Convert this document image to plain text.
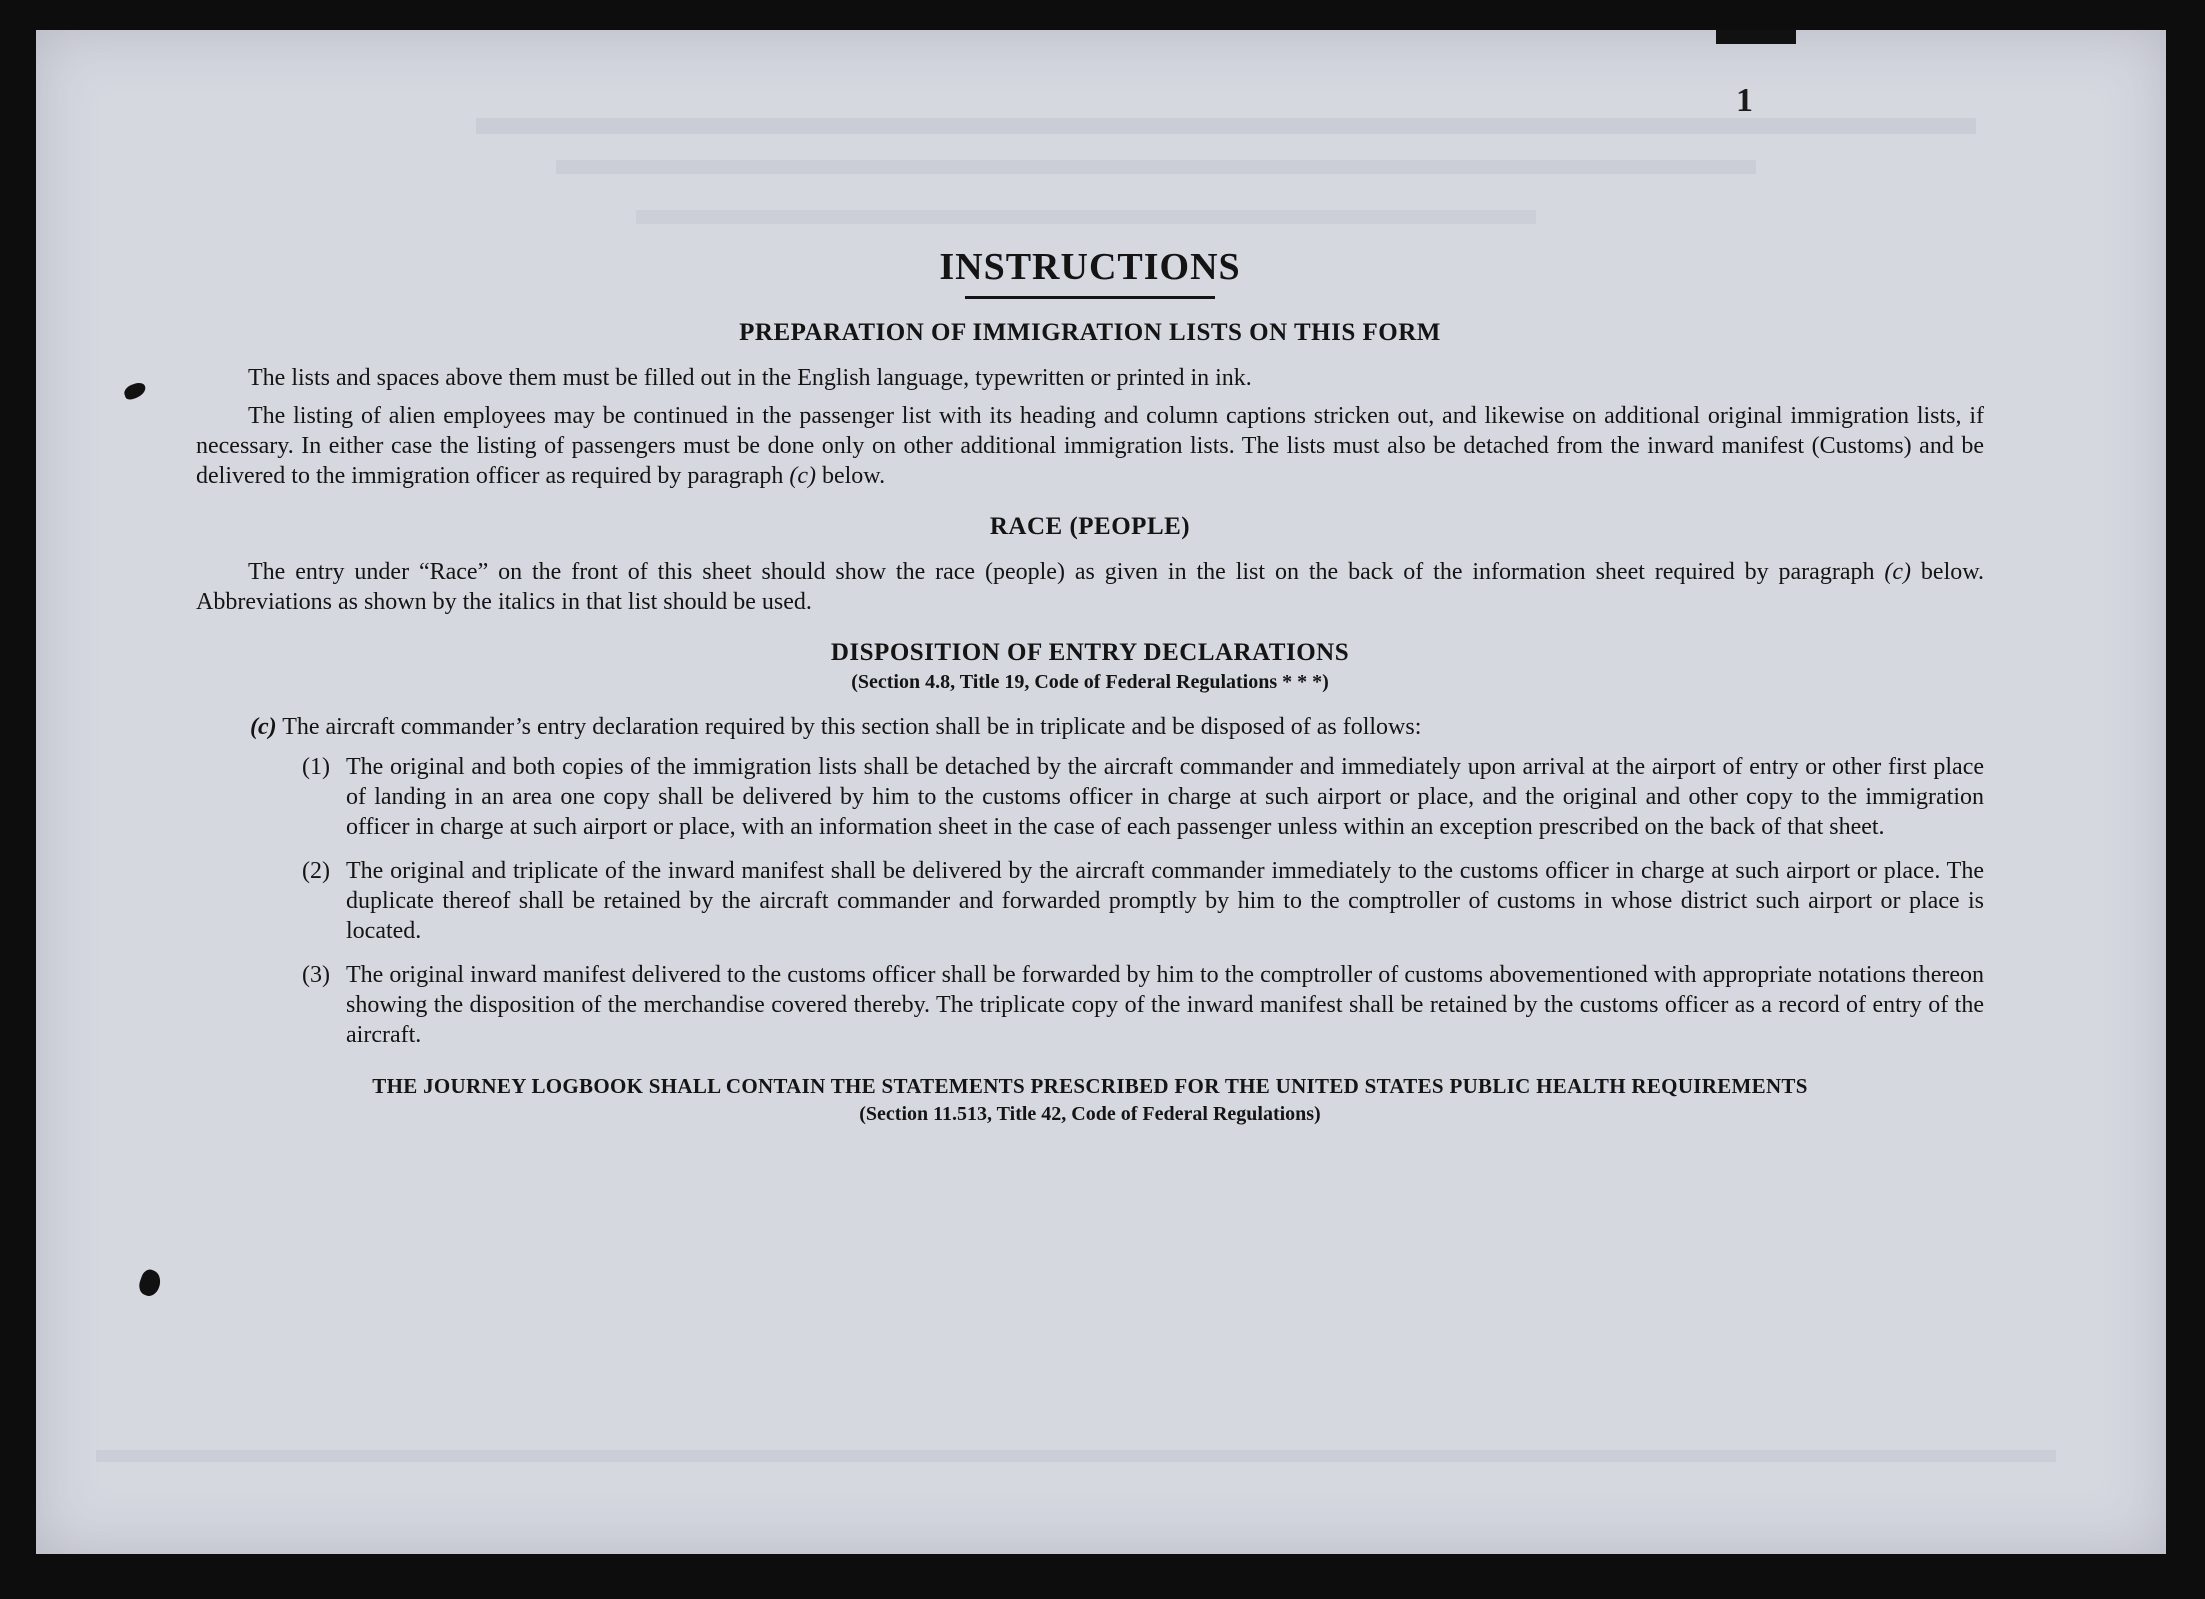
1
INSTRUCTIONS
PREPARATION OF IMMIGRATION LISTS ON THIS FORM

The lists and spaces above them must be filled out in the English language, typewritten or printed in ink.

The listing of alien employees may be continued in the passenger list with its heading and column captions stricken out, and likewise on additional original immigration lists, if necessary. In either case the listing of passengers must be done only on other additional immigration lists. The lists must also be detached from the inward manifest (Customs) and be delivered to the immigration officer as required by paragraph (c) below.

RACE (PEOPLE)

The entry under “Race” on the front of this sheet should show the race (people) as given in the list on the back of the information sheet required by paragraph (c) below. Abbreviations as shown by the italics in that list should be used.

DISPOSITION OF ENTRY DECLARATIONS
(Section 4.8, Title 19, Code of Federal Regulations * * *)
(c) The aircraft commander’s entry declaration required by this section shall be in triplicate and be disposed of as follows:
(1) The original and both copies of the immigration lists shall be detached by the aircraft commander and immediately upon arrival at the airport of entry or other first place of landing in an area one copy shall be delivered by him to the customs officer in charge at such airport or place, and the original and other copy to the immigration officer in charge at such airport or place, with an information sheet in the case of each passenger unless within an exception prescribed on the back of that sheet.
(2) The original and triplicate of the inward manifest shall be delivered by the aircraft commander immediately to the customs officer in charge at such airport or place. The duplicate thereof shall be retained by the aircraft commander and forwarded promptly by him to the comptroller of customs in whose district such airport or place is located.
(3) The original inward manifest delivered to the customs officer shall be forwarded by him to the comptroller of customs abovementioned with appropriate notations thereon showing the disposition of the merchandise covered thereby. The triplicate copy of the inward manifest shall be retained by the customs officer as a record of entry of the aircraft.
THE JOURNEY LOGBOOK SHALL CONTAIN THE STATEMENTS PRESCRIBED FOR THE UNITED STATES PUBLIC HEALTH REQUIREMENTS
(Section 11.513, Title 42, Code of Federal Regulations)
